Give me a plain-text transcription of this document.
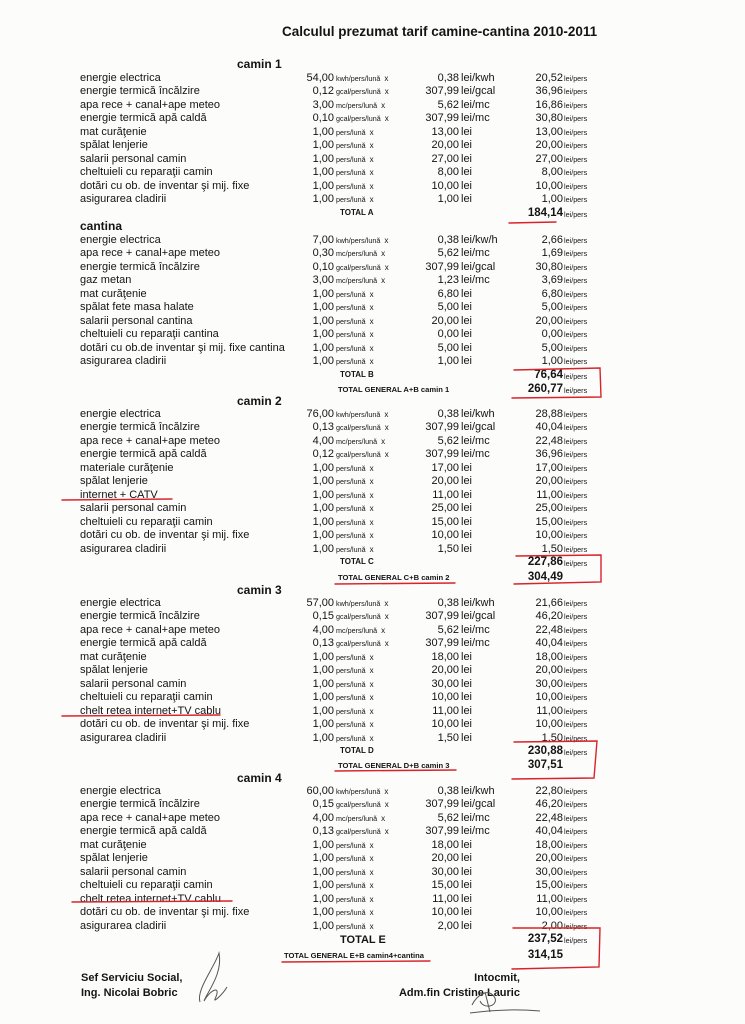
Calculul prezumat tarif camine-cantina 2010-2011
camin 1
energie electrica	54,00 kwh/pers/lună x	0,38 lei/kwh	20,52 lei/pers
energie termică încălzire	0,12 gcal/pers/lună x	307,99 lei/gcal	36,96 lei/pers
apa rece + canal+ape meteo	3,00 mc/pers/lună x	5,62 lei/mc	16,86 lei/pers
energie termică apă caldă	0,10 gcal/pers/lună x	307,99 lei/mc	30,80 lei/pers
mat curăţenie	1,00 pers/lună x	13,00 lei	13,00 lei/pers
spălat lenjerie	1,00 pers/lună x	20,00 lei	20,00 lei/pers
salarii personal camin	1,00 pers/lună x	27,00 lei	27,00 lei/pers
cheltuieli cu reparaţii camin	1,00 pers/lună x	8,00 lei	8,00 lei/pers
dotări cu ob. de inventar şi mij. fixe	1,00 pers/lună x	10,00 lei	10,00 lei/pers
asigurarea cladirii	1,00 pers/lună x	1,00 lei	1,00 lei/pers
TOTAL A	184,14 lei/pers
cantina
energie electrica	7,00 kwh/pers/lună x	0,38 lei/kw/h	2,66 lei/pers
apa rece + canal+ape meteo	0,30 mc/pers/lună x	5,62 lei/mc	1,69 lei/pers
energie termică încălzire	0,10 gcal/pers/lună x	307,99 lei/gcal	30,80 lei/pers
gaz metan	3,00 mc/pers/lună x	1,23 lei/mc	3,69 lei/pers
mat curăţenie	1,00 pers/lună x	6,80 lei	6,80 lei/pers
spălat fete masa halate	1,00 pers/lună x	5,00 lei	5,00 lei/pers
salarii personal cantina	1,00 pers/lună x	20,00 lei	20,00 lei/pers
cheltuieli cu reparaţii cantina	1,00 pers/lună x	0,00 lei	0,00 lei/pers
dotări cu ob.de inventar şi mij. fixe cantina	1,00 pers/lună x	5,00 lei	5,00 lei/pers
asigurarea cladirii	1,00 pers/lună x	1,00 lei	1,00 lei/pers
TOTAL B	76,64 lei/pers
TOTAL GENERAL A+B camin 1	260,77 lei/pers
camin 2
energie electrica	76,00 kwh/pers/lună x	0,38 lei/kwh	28,88 lei/pers
energie termică încălzire	0,13 gcal/pers/lună x	307,99 lei/gcal	40,04 lei/pers
apa rece + canal+ape meteo	4,00 mc/pers/lună x	5,62 lei/mc	22,48 lei/pers
energie termică apă caldă	0,12 gcal/pers/lună x	307,99 lei/mc	36,96 lei/pers
materiale curăţenie	1,00 pers/lună x	17,00 lei	17,00 lei/pers
spălat lenjerie	1,00 pers/lună x	20,00 lei	20,00 lei/pers
internet + CATV	1,00 pers/lună x	11,00 lei	11,00 lei/pers
salarii personal camin	1,00 pers/lună x	25,00 lei	25,00 lei/pers
cheltuieli cu reparaţii camin	1,00 pers/lună x	15,00 lei	15,00 lei/pers
dotări cu ob. de inventar şi mij. fixe	1,00 pers/lună x	10,00 lei	10,00 lei/pers
asigurarea cladirii	1,00 pers/lună x	1,50 lei	1,50 lei/pers
TOTAL C	227,86 lei/pers
TOTAL GENERAL C+B camin 2	304,49
camin 3
energie electrica	57,00 kwh/pers/lună x	0,38 lei/kwh	21,66 lei/pers
energie termică încălzire	0,15 gcal/pers/lună x	307,99 lei/gcal	46,20 lei/pers
apa rece + canal+ape meteo	4,00 mc/pers/lună x	5,62 lei/mc	22,48 lei/pers
energie termică apă caldă	0,13 gcal/pers/lună x	307,99 lei/mc	40,04 lei/pers
mat curăţenie	1,00 pers/lună x	18,00 lei	18,00 lei/pers
spălat lenjerie	1,00 pers/lună x	20,00 lei	20,00 lei/pers
salarii personal camin	1,00 pers/lună x	30,00 lei	30,00 lei/pers
cheltuieli cu reparaţii camin	1,00 pers/lună x	10,00 lei	10,00 lei/pers
chelt retea internet+TV cablu	1,00 pers/lună x	11,00 lei	11,00 lei/pers
dotări cu ob. de inventar şi mij. fixe	1,00 pers/lună x	10,00 lei	10,00 lei/pers
asigurarea cladirii	1,00 pers/lună x	1,50 lei	1,50 lei/pers
TOTAL D	230,88 lei/pers
TOTAL GENERAL D+B camin 3	307,51
camin 4
energie electrica	60,00 kwh/pers/lună x	0,38 lei/kwh	22,80 lei/pers
energie termică încălzire	0,15 gcal/pers/lună x	307,99 lei/gcal	46,20 lei/pers
apa rece + canal+ape meteo	4,00 mc/pers/lună x	5,62 lei/mc	22,48 lei/pers
energie termică apă caldă	0,13 gcal/pers/lună x	307,99 lei/mc	40,04 lei/pers
mat curăţenie	1,00 pers/lună x	18,00 lei	18,00 lei/pers
spălat lenjerie	1,00 pers/lună x	20,00 lei	20,00 lei/pers
salarii personal camin	1,00 pers/lună x	30,00 lei	30,00 lei/pers
cheltuieli cu reparaţii camin	1,00 pers/lună x	15,00 lei	15,00 lei/pers
chelt retea internet+TV cablu	1,00 pers/lună x	11,00 lei	11,00 lei/pers
dotări cu ob. de inventar şi mij. fixe	1,00 pers/lună x	10,00 lei	10,00 lei/pers
asigurarea cladirii	1,00 pers/lună x	2,00 lei	2,00 lei/pers
TOTAL E	237,52 lei/pers
TOTAL GENERAL E+B camin4+cantina	314,15
Sef Serviciu Social,
Ing. Nicolai Bobric
Intocmit,
Adm.fin Cristine Lauric
